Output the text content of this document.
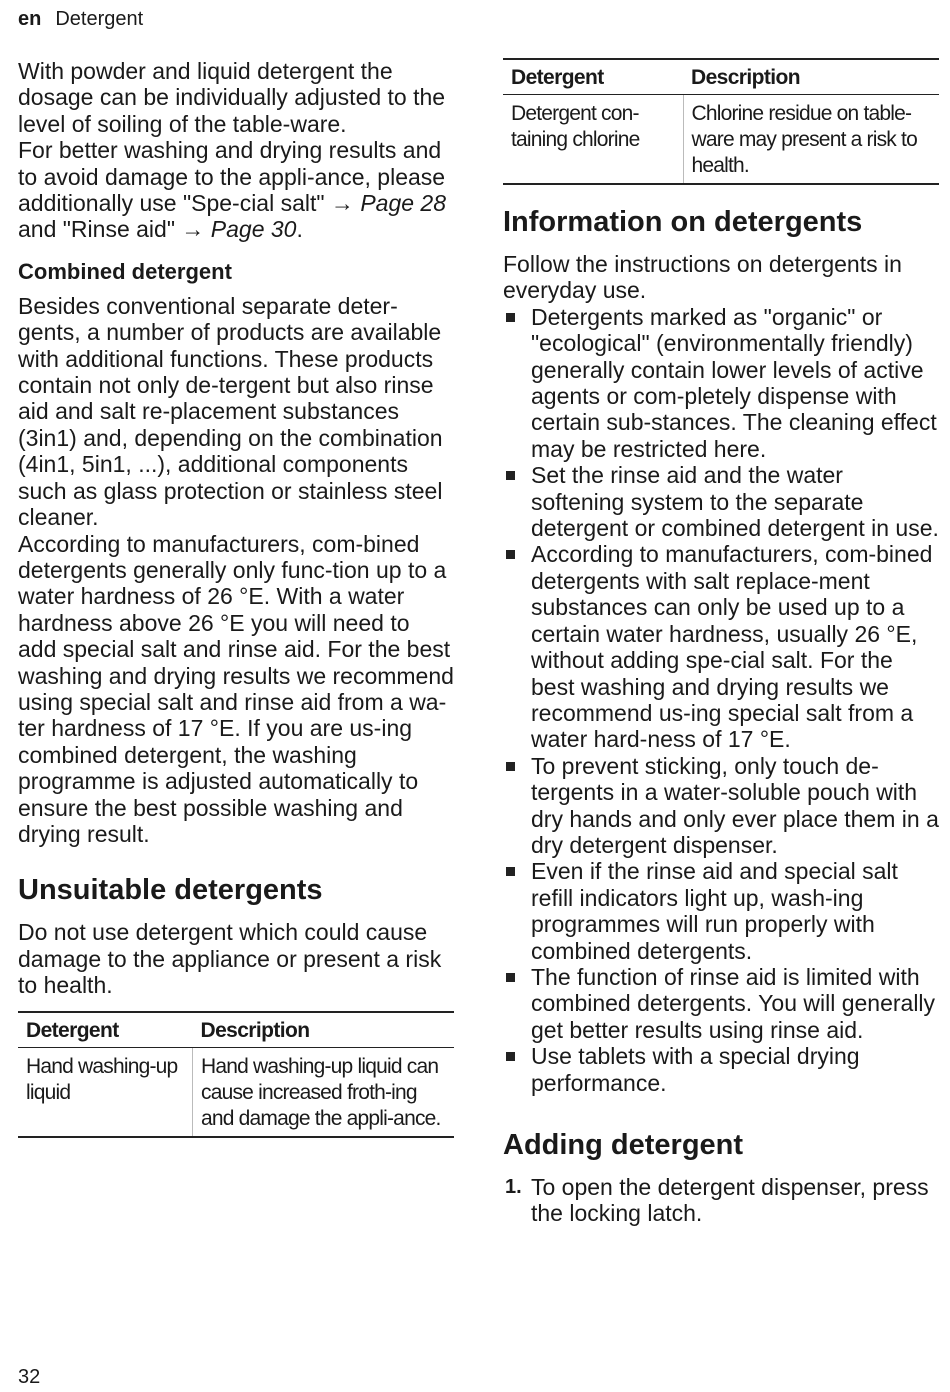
en Detergent

With powder and liquid detergent the dosage can be individually adjusted to the level of soiling of the table-ware.

For better washing and drying results and to avoid damage to the appli-ance, please additionally use "Spe-cial salt" → Page 28 and "Rinse aid" → Page 30.

Combined detergent

Besides conventional separate deter-gents, a number of products are available with additional functions. These products contain not only de-tergent but also rinse aid and salt re-placement substances (3in1) and, depending on the combination (4in1, 5in1, ...), additional components such as glass protection or stainless steel cleaner.

According to manufacturers, com-bined detergents generally only func-tion up to a water hardness of 26 °E. With a water hardness above 26 °E you will need to add special salt and rinse aid. For the best washing and drying results we recommend using special salt and rinse aid from a wa-ter hardness of 17 °E. If you are us-ing combined detergent, the washing programme is adjusted automatically to ensure the best possible washing and drying result.

Unsuitable detergents

Do not use detergent which could cause damage to the appliance or present a risk to health.

Detergent	Description
Hand washing-up liquid	Hand washing-up liquid can cause increased froth-ing and damage the appli-ance.
Detergent	Description
Detergent con-taining chlorine	Chlorine residue on table-ware may present a risk to health.
Information on detergents

Follow the instructions on detergents in everyday use.

Detergents marked as "organic" or "ecological" (environmentally friendly) generally contain lower levels of active agents or com-pletely dispense with certain sub-stances. The cleaning effect may be restricted here.
Set the rinse aid and the water softening system to the separate detergent or combined detergent in use.
According to manufacturers, com-bined detergents with salt replace-ment substances can only be used up to a certain water hardness, usually 26 °E, without adding spe-cial salt. For the best washing and drying results we recommend us-ing special salt from a water hard-ness of 17 °E.
To prevent sticking, only touch de-tergents in a water-soluble pouch with dry hands and only ever place them in a dry detergent dispenser.
Even if the rinse aid and special salt refill indicators light up, wash-ing programmes will run properly with combined detergents.
The function of rinse aid is limited with combined detergents. You will generally get better results using rinse aid.
Use tablets with a special drying performance.
Adding detergent
1. To open the detergent dispenser, press the locking latch.
32
